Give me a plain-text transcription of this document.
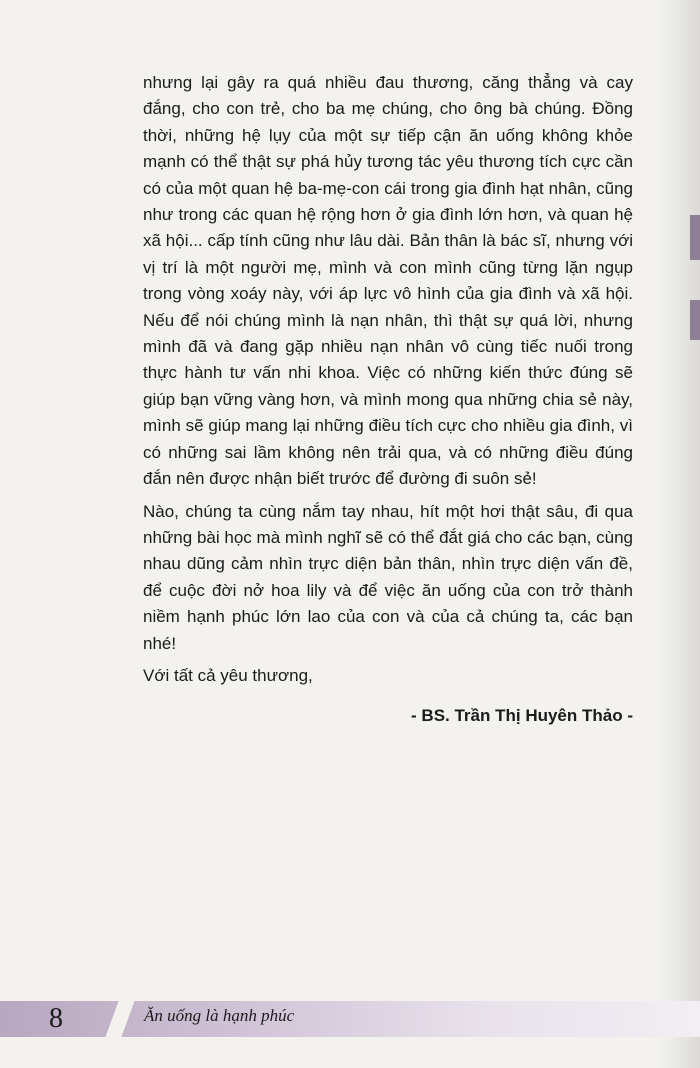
nhưng lại gây ra quá nhiều đau thương, căng thẳng và cay đắng, cho con trẻ, cho ba mẹ chúng, cho ông bà chúng. Đồng thời, những hệ lụy của một sự tiếp cận ăn uống không khỏe mạnh có thể thật sự phá hủy tương tác yêu thương tích cực cần có của một quan hệ ba-mẹ-con cái trong gia đình hạt nhân, cũng như trong các quan hệ rộng hơn ở gia đình lớn hơn, và quan hệ xã hội... cấp tính cũng như lâu dài. Bản thân là bác sĩ, nhưng với vị trí là một người mẹ, mình và con mình cũng từng lặn ngụp trong vòng xoáy này, với áp lực vô hình của gia đình và xã hội. Nếu để nói chúng mình là nạn nhân, thì thật sự quá lời, nhưng mình đã và đang gặp nhiều nạn nhân vô cùng tiếc nuối trong thực hành tư vấn nhi khoa. Việc có những kiến thức đúng sẽ giúp bạn vững vàng hơn, và mình mong qua những chia sẻ này, mình sẽ giúp mang lại những điều tích cực cho nhiều gia đình, vì có những sai lầm không nên trải qua, và có những điều đúng đắn nên được nhận biết trước để đường đi suôn sẻ!

Nào, chúng ta cùng nắm tay nhau, hít một hơi thật sâu, đi qua những bài học mà mình nghĩ sẽ có thể đắt giá cho các bạn, cùng nhau dũng cảm nhìn trực diện bản thân, nhìn trực diện vấn đề, để cuộc đời nở hoa lily và để việc ăn uống của con trở thành niềm hạnh phúc lớn lao của con và của cả chúng ta, các bạn nhé!

Với tất cả yêu thương,

- BS. Trần Thị Huyên Thảo -
8	Ăn uống là hạnh phúc
